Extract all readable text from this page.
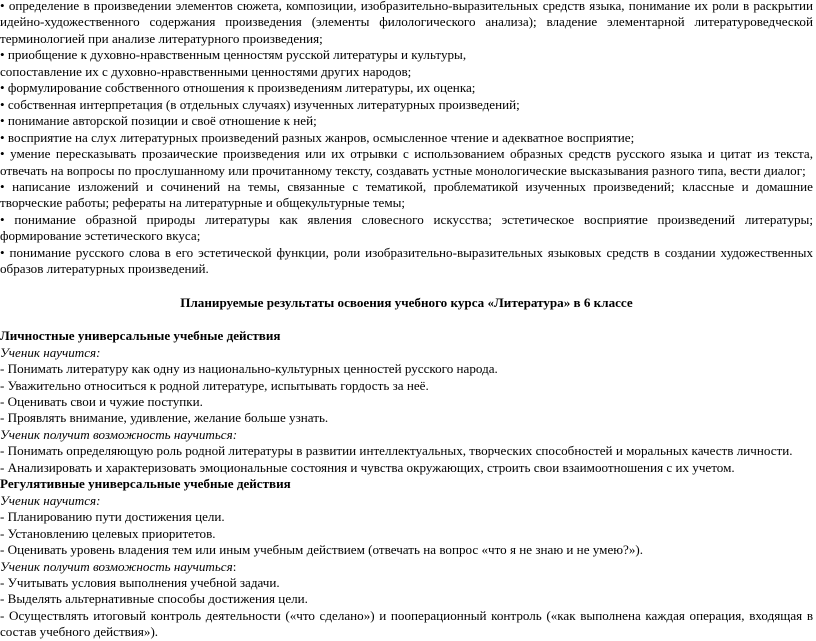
• определение в произведении элементов сюжета, композиции, изобразительно-выразительных средств языка, понимание их роли в раскрытии идейно-художественного содержания произведения (элементы филологического анализа); владение элементарной литературоведческой терминологией при анализе литературного произведения;

• приобщение к духовно-нравственным ценностям русской литературы и культуры,

сопоставление их с духовно-нравственными ценностями других народов;

• формулирование собственного отношения к произведениям литературы, их оценка;

• собственная интерпретация (в отдельных случаях) изученных литературных произведений;

• понимание авторской позиции и своё отношение к ней;

• восприятие на слух литературных произведений разных жанров, осмысленное чтение и адекватное восприятие;

• умение пересказывать прозаические произведения или их отрывки с использованием образных средств русского языка и цитат из текста, отвечать на вопросы по прослушанному или прочитанному тексту, создавать устные монологические высказывания разного типа, вести диалог;

• написание изложений и сочинений на темы, связанные с тематикой, проблематикой изученных произведений; классные и домашние творческие работы; рефераты на литературные и общекультурные темы;

• понимание образной природы литературы как явления словесного искусства; эстетическое восприятие произведений литературы; формирование эстетического вкуса;

• понимание русского слова в его эстетической функции, роли изобразительно-выразительных языковых средств в создании художественных образов литературных произведений.

Планируемые результаты освоения учебного курса «Литература» в 6 классе

Личностные универсальные учебные действия

Ученик научится:

- Понимать литературу как одну из национально-культурных ценностей русского народа.

- Уважительно относиться к родной литературе, испытывать гордость за неё.

- Оценивать свои и чужие поступки.

- Проявлять внимание, удивление, желание больше узнать.

Ученик получит возможность научиться:

- Понимать определяющую роль родной литературы в развитии интеллектуальных, творческих способностей и моральных качеств личности.

- Анализировать и характеризовать эмоциональные состояния и чувства окружающих, строить свои взаимоотношения с их учетом.

Регулятивные универсальные учебные действия

Ученик научится:

- Планированию пути достижения цели.

- Установлению целевых приоритетов.

- Оценивать уровень владения тем или иным учебным действием (отвечать на вопрос «что я не знаю и не умею?»).

Ученик получит возможность научиться:

- Учитывать условия выполнения учебной задачи.

- Выделять альтернативные способы достижения цели.

- Осуществлять итоговый контроль деятельности («что сделано») и пооперационный контроль («как выполнена каждая операция, входящая в состав учебного действия»).
